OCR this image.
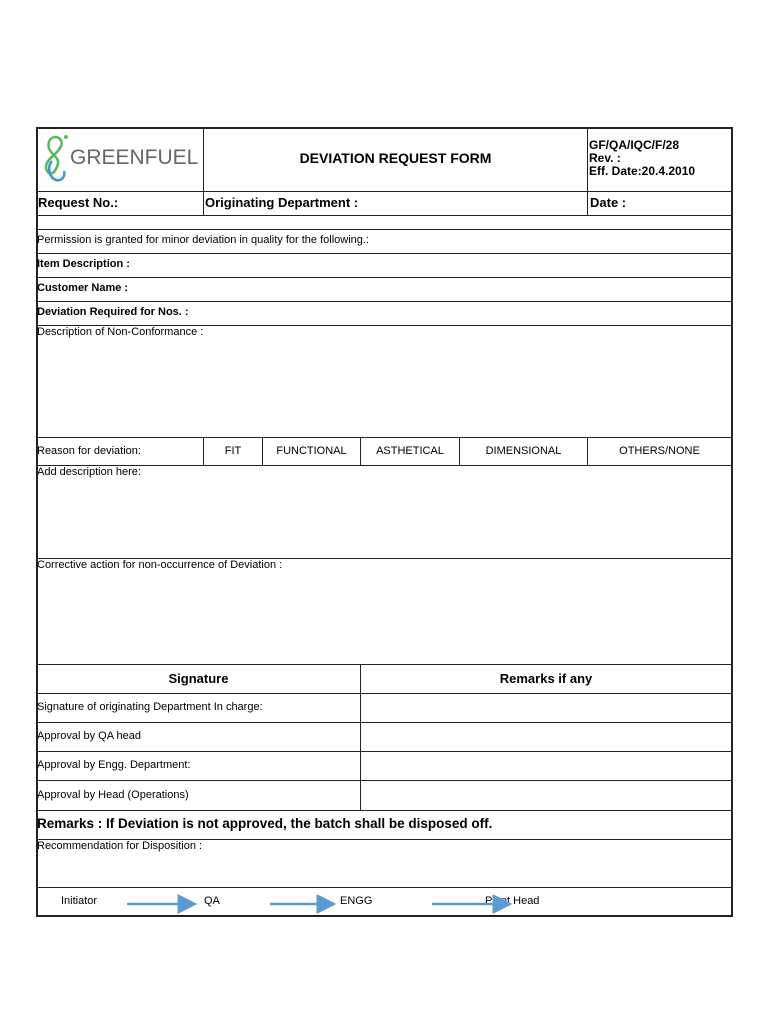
GREENFUEL	DEVIATION REQUEST FORM
GF/QA/IQC/F/28
Rev. :
Eff. Date:20.4.2010
Request No.:	Originating Department :	Date :
Permission is granted for minor deviation in quality for the following.:
Item Description :
Customer Name :
Deviation Required for Nos. :
Description of Non-Conformance :
Reason for deviation:	FIT	FUNCTIONAL	ASTHETICAL	DIMENSIONAL	OTHERS/NONE
Add description here:
Corrective action for non-occurrence of Deviation :
Signature	Remarks if any
Signature of originating Department In charge:
Approval by QA head
Approval by Engg. Department:
Approval by Head (Operations)
Remarks : If Deviation is not approved, the batch shall be disposed off.
Recommendation for Disposition :
Initiator	QA	ENGG	Plant Head
